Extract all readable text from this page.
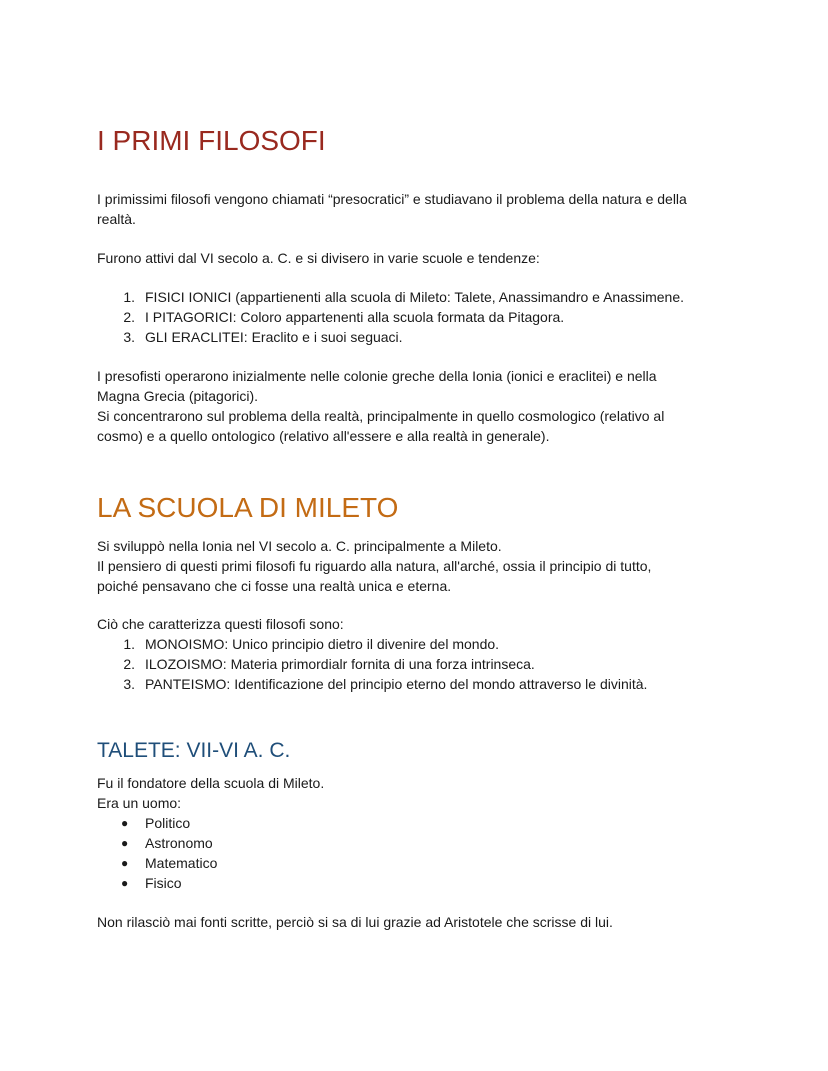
I PRIMI FILOSOFI

I primissimi filosofi vengono chiamati “presocratici” e studiavano il problema della natura e della
realtà.

Furono attivi dal VI secolo a. C. e si divisero in varie scuole e tendenze:

1. FISICI IONICI (appartienenti alla scuola di Mileto: Talete, Anassimandro e Anassimene.
2. I PITAGORICI: Coloro appartenenti alla scuola formata da Pitagora.
3. GLI ERACLITEI: Eraclito e i suoi seguaci.

I presofisti operarono inizialmente nelle colonie greche della Ionia (ionici e eraclitei) e nella
Magna Grecia (pitagorici).
Si concentrarono sul problema della realtà, principalmente in quello cosmologico (relativo al
cosmo) e a quello ontologico (relativo all'essere e alla realtà in generale).

LA SCUOLA DI MILETO

Si sviluppò nella Ionia nel VI secolo a. C. principalmente a Mileto.
Il pensiero di questi primi filosofi fu riguardo alla natura, all'arché, ossia il principio di tutto,
poiché pensavano che ci fosse una realtà unica e eterna.

Ciò che caratterizza questi filosofi sono:

1. MONOISMO: Unico principio dietro il divenire del mondo.
2. ILOZOISMO: Materia primordialr fornita di una forza intrinseca.
3. PANTEISMO: Identificazione del principio eterno del mondo attraverso le divinità.
TALETE: VII-VI A. C.

Fu il fondatore della scuola di Mileto.
Era un uomo:

● Politico
● Astronomo
● Matematico
● Fisico

Non rilasciò mai fonti scritte, perciò si sa di lui grazie ad Aristotele che scrisse di lui.
